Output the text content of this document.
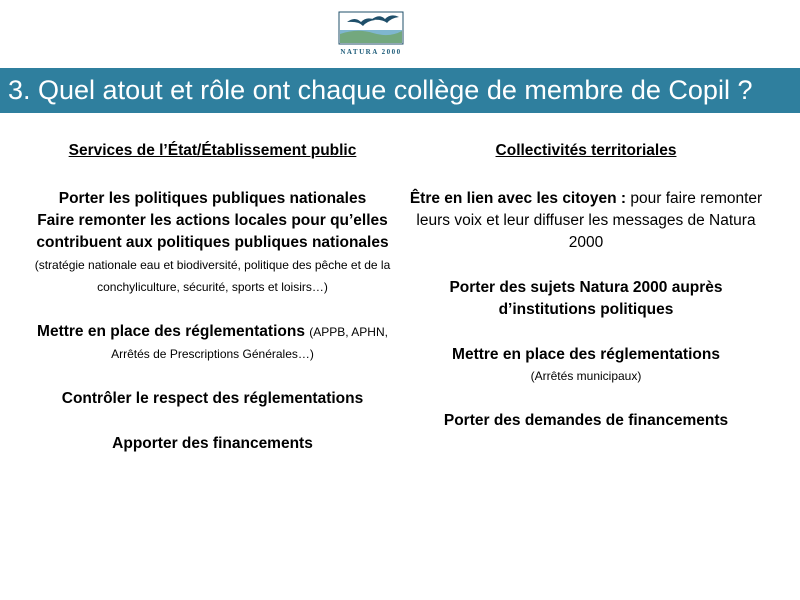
NATURA 2000
3. Quel atout et rôle ont chaque collège de membre de Copil ?
Services de l’État/Établissement public
Porter les politiques publiques nationales
Faire remonter les actions locales pour qu’elles contribuent aux politiques publiques nationales (stratégie nationale eau et biodiversité, politique des pêche et de la conchyliculture, sécurité, sports et loisirs…)
Mettre en place des réglementations (APPB, APHN, Arrêtés de Prescriptions Générales…)
Contrôler le respect des réglementations
Apporter des financements
Collectivités territoriales
Être en lien avec les citoyen : pour faire remonter leurs voix et leur diffuser les messages de Natura 2000
Porter des sujets Natura 2000 auprès d’institutions politiques
Mettre en place des réglementations
(Arrêtés municipaux)
Porter des demandes de financements
